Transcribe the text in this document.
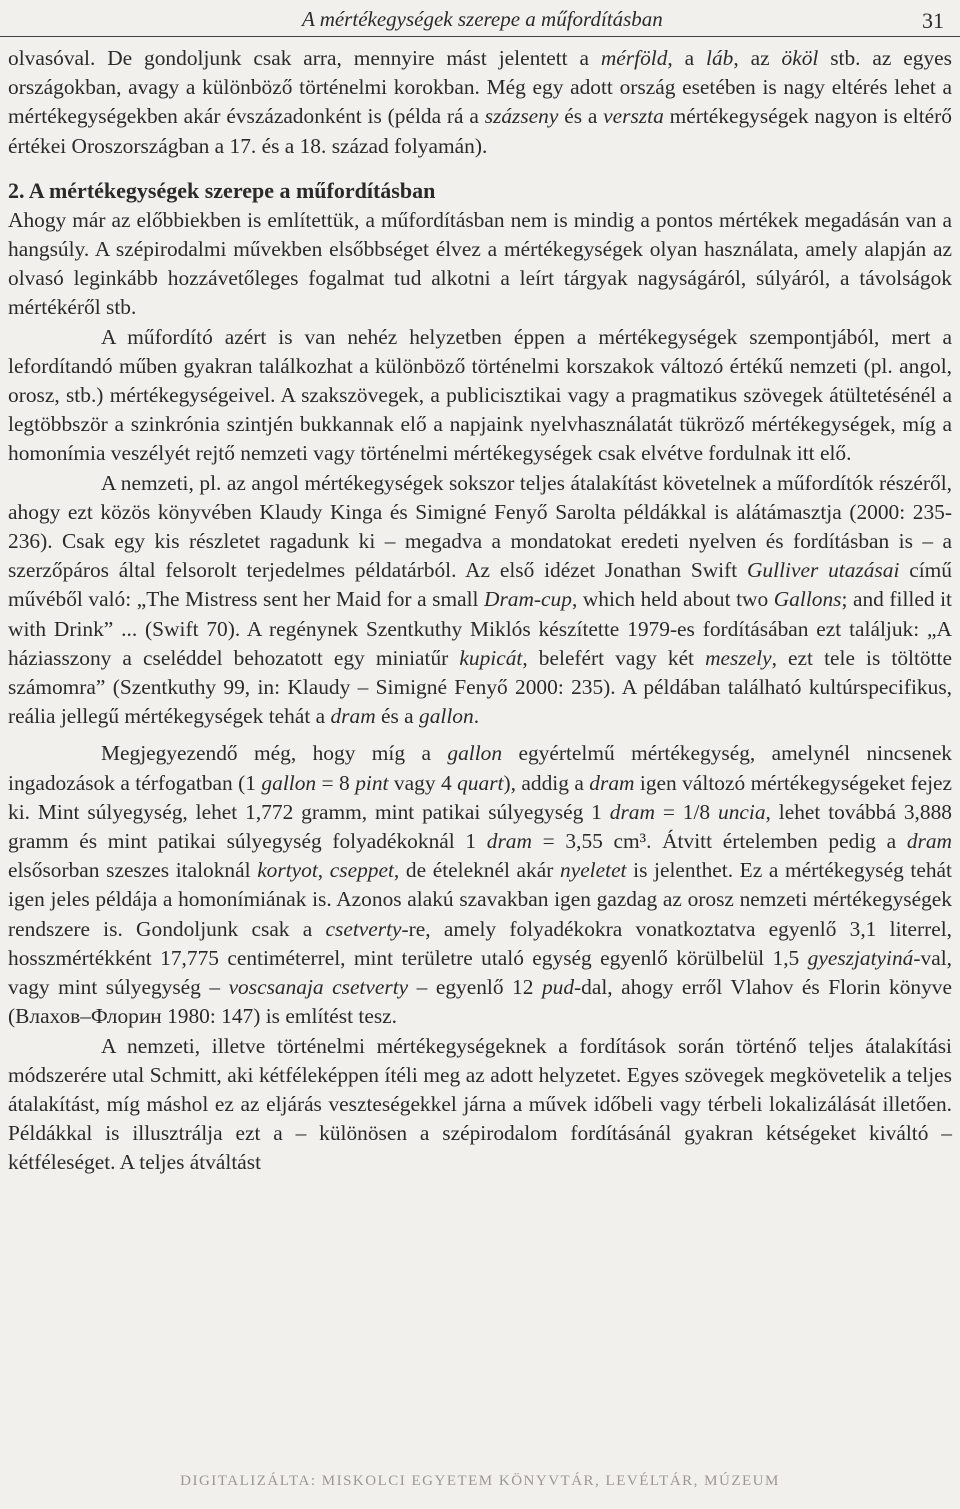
A mértékegységek szerepe a műfordításban	31

olvasóval. De gondoljunk csak arra, mennyire mást jelentett a mérföld, a láb, az ököl stb. az egyes országokban, avagy a különböző történelmi korokban. Még egy adott ország esetében is nagy eltérés lehet a mértékegységekben akár évszázadonként is (példa rá a százseny és a verszta mértékegységek nagyon is eltérő értékei Oroszországban a 17. és a 18. század folyamán).

2. A mértékegységek szerepe a műfordításban

Ahogy már az előbbiekben is említettük, a műfordításban nem is mindig a pontos mértékek megadásán van a hangsúly. A szépirodalmi művekben elsőbbséget élvez a mértékegységek olyan használata, amely alapján az olvasó leginkább hozzávetőleges fogalmat tud alkotni a leírt tárgyak nagyságáról, súlyáról, a távolságok mértékéről stb.

A műfordító azért is van nehéz helyzetben éppen a mértékegységek szempontjából, mert a lefordítandó műben gyakran találkozhat a különböző történelmi korszakok változó értékű nemzeti (pl. angol, orosz, stb.) mértékegységeivel. A szakszövegek, a publicisztikai vagy a pragmatikus szövegek átültetésénél a legtöbbször a szinkrónia szintjén bukkannak elő a napjaink nyelvhasználatát tükröző mértékegységek, míg a homonímia veszélyét rejtő nemzeti vagy történelmi mértékegységek csak elvétve fordulnak itt elő.

A nemzeti, pl. az angol mértékegységek sokszor teljes átalakítást követelnek a műfordítók részéről, ahogy ezt közös könyvében Klaudy Kinga és Simigné Fenyő Sarolta példákkal is alátámasztja (2000: 235-236). Csak egy kis részletet ragadunk ki – megadva a mondatokat eredeti nyelven és fordításban is – a szerzőpáros által felsorolt terjedelmes példatárból. Az első idézet Jonathan Swift Gulliver utazásai című művéből való: „The Mistress sent her Maid for a small Dram-cup, which held about two Gallons; and filled it with Drink” ... (Swift 70). A regénynek Szentkuthy Miklós készítette 1979-es fordításában ezt találjuk: „A háziasszony a cseléddel behozatott egy miniatűr kupicát, belefért vagy két meszely, ezt tele is töltötte számomra” (Szentkuthy 99, in: Klaudy – Simigné Fenyő 2000: 235). A példában található kultúrspecifikus, reália jellegű mértékegységek tehát a dram és a gallon.

Megjegyezendő még, hogy míg a gallon egyértelmű mértékegység, amelynél nincsenek ingadozások a térfogatban (1 gallon = 8 pint vagy 4 quart), addig a dram igen változó mértékegységeket fejez ki. Mint súlyegység, lehet 1,772 gramm, mint patikai súlyegység 1 dram = 1/8 uncia, lehet továbbá 3,888 gramm és mint patikai súlyegység folyadékoknál 1 dram = 3,55 cm³. Átvitt értelemben pedig a dram elsősorban szeszes italoknál kortyot, cseppet, de ételeknél akár nyeletet is jelenthet. Ez a mértékegység tehát igen jeles példája a homonímiának is. Azonos alakú szavakban igen gazdag az orosz nemzeti mértékegységek rendszere is. Gondoljunk csak a csetverty-re, amely folyadékokra vonatkoztatva egyenlő 3,1 literrel, hosszmértékként 17,775 centiméterrel, mint területre utaló egység egyenlő körülbelül 1,5 gyeszjatyiná-val, vagy mint súlyegység – voscsanaja csetverty – egyenlő 12 pud-dal, ahogy erről Vlahov és Florin könyve (Влахов–Флорин 1980: 147) is említést tesz.

A nemzeti, illetve történelmi mértékegységeknek a fordítások során történő teljes átalakítási módszerére utal Schmitt, aki kétféleképpen ítéli meg az adott helyzetet. Egyes szövegek megkövetelik a teljes átalakítást, míg máshol ez az eljárás veszteségekkel járna a művek időbeli vagy térbeli lokalizálását illetően. Példákkal is illusztrálja ezt a – különösen a szépirodalom fordításánál gyakran kétségeket kiváltó – kétféleséget. A teljes átváltást

DIGITALIZÁLTA: MISKOLCI EGYETEM KÖNYVTÁR, LEVÉLTÁR, MÚZEUM
